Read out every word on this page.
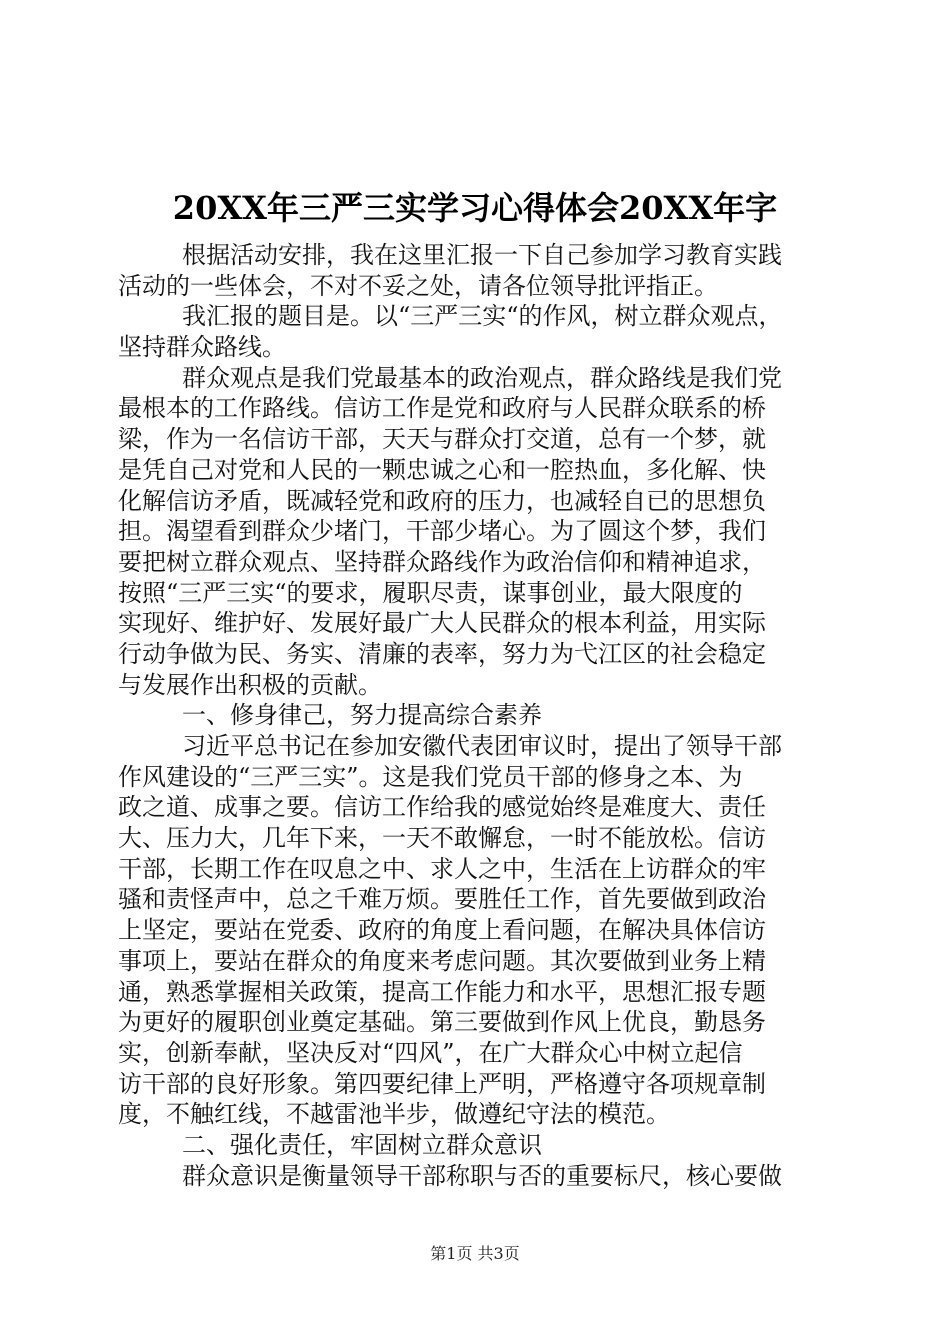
20XX年三严三实学习心得体会20XX年字
根据活动安排，我在这里汇报一下自己参加学习教育实践
活动的一些体会，不对不妥之处，请各位领导批评指正。
我汇报的题目是。以“三严三实“的作风，树立群众观点，
坚持群众路线。
群众观点是我们党最基本的政治观点，群众路线是我们党
最根本的工作路线。信访工作是党和政府与人民群众联系的桥
梁，作为一名信访干部，天天与群众打交道，总有一个梦，就
是凭自己对党和人民的一颗忠诚之心和一腔热血，多化解、快
化解信访矛盾，既减轻党和政府的压力，也减轻自已的思想负
担。渴望看到群众少堵门，干部少堵心。为了圆这个梦，我们
要把树立群众观点、坚持群众路线作为政治信仰和精神追求，
按照“三严三实“的要求，履职尽责，谋事创业，最大限度的
实现好、维护好、发展好最广大人民群众的根本利益，用实际
行动争做为民、务实、清廉的表率，努力为弋江区的社会稳定
与发展作出积极的贡献。
一、修身律己，努力提高综合素养
习近平总书记在参加安徽代表团审议时，提出了领导干部
作风建设的“三严三实”。这是我们党员干部的修身之本、为
政之道、成事之要。信访工作给我的感觉始终是难度大、责任
大、压力大，几年下来，一天不敢懈怠，一时不能放松。信访
干部，长期工作在叹息之中、求人之中，生活在上访群众的牢
骚和责怪声中，总之千难万烦。要胜任工作，首先要做到政治
上坚定，要站在党委、政府的角度上看问题，在解决具体信访
事项上，要站在群众的角度来考虑问题。其次要做到业务上精
通，熟悉掌握相关政策，提高工作能力和水平，思想汇报专题
为更好的履职创业奠定基础。第三要做到作风上优良，勤恳务
实，创新奉献，坚决反对“四风”，在广大群众心中树立起信
访干部的良好形象。第四要纪律上严明，严格遵守各项规章制
度，不触红线，不越雷池半步，做遵纪守法的模范。
二、强化责任，牢固树立群众意识
群众意识是衡量领导干部称职与否的重要标尺，核心要做
第1页 共3页
